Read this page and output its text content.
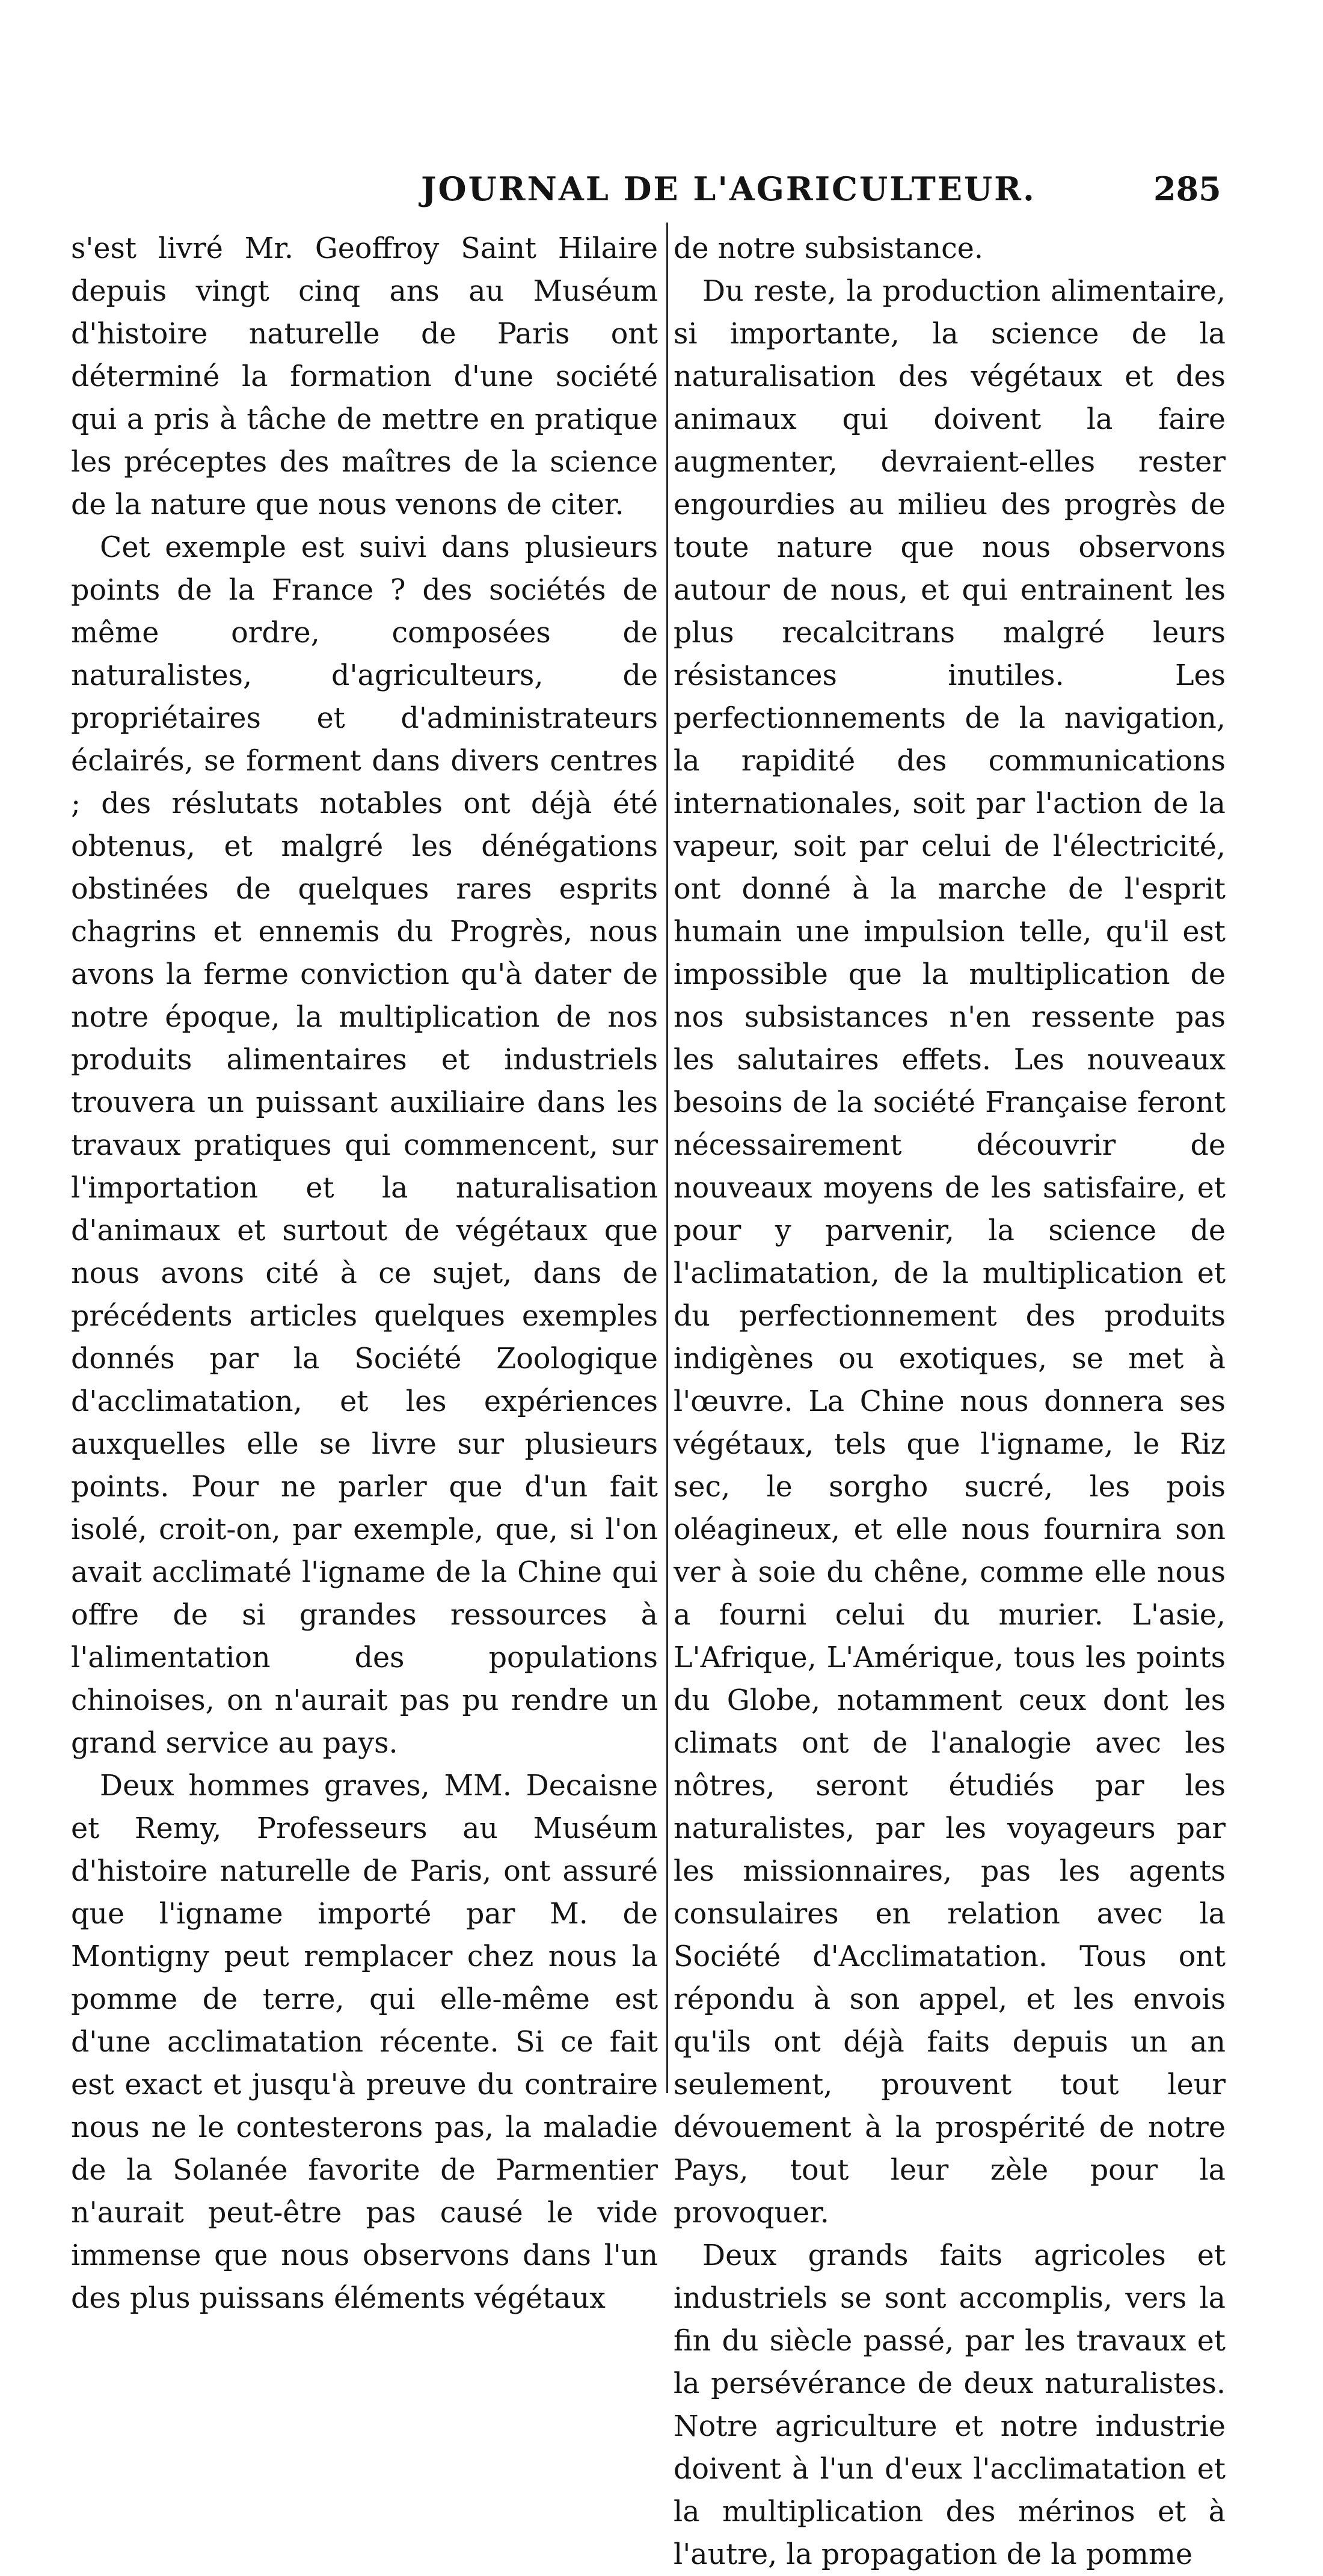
JOURNAL DE L'AGRICULTEUR.	285

s'est livré Mr. Geoffroy Saint Hilaire depuis vingt cinq ans au Muséum d'histoire naturelle de Paris ont déterminé la formation d'une société qui a pris à tâche de mettre en pratique les préceptes des maîtres de la science de la nature que nous venons de citer.

Cet exemple est suivi dans plusieurs points de la France ? des sociétés de même ordre, composées de naturalistes, d'agriculteurs, de propriétaires et d'administrateurs éclairés, se forment dans divers centres ; des réslutats notables ont déjà été obtenus, et malgré les dénégations obstinées de quelques rares esprits chagrins et ennemis du Progrès, nous avons la ferme conviction qu'à dater de notre époque, la multiplication de nos produits alimentaires et industriels trouvera un puissant auxiliaire dans les travaux pratiques qui commencent, sur l'importation et la naturalisation d'animaux et surtout de végétaux que nous avons cité à ce sujet, dans de précédents articles quelques exemples donnés par la Société Zoologique d'acclimatation, et les expériences auxquelles elle se livre sur plusieurs points. Pour ne parler que d'un fait isolé, croit-on, par exemple, que, si l'on avait acclimaté l'igname de la Chine qui offre de si grandes ressources à l'alimentation des populations chinoises, on n'aurait pas pu rendre un grand service au pays.

Deux hommes graves, MM. Decaisne et Remy, Professeurs au Muséum d'histoire naturelle de Paris, ont assuré que l'igname importé par M. de Montigny peut remplacer chez nous la pomme de terre, qui elle-même est d'une acclimatation récente. Si ce fait est exact et jusqu'à preuve du contraire nous ne le contesterons pas, la maladie de la Solanée favorite de Parmentier n'aurait peut-être pas causé le vide immense que nous observons dans l'un des plus puissans éléments végétaux

de notre subsistance.

Du reste, la production alimentaire, si importante, la science de la naturalisation des végétaux et des animaux qui doivent la faire augmenter, devraient-elles rester engourdies au milieu des progrès de toute nature que nous observons autour de nous, et qui entrainent les plus recalcitrans malgré leurs résistances inutiles. Les perfectionnements de la navigation, la rapidité des communications internationales, soit par l'action de la vapeur, soit par celui de l'électricité, ont donné à la marche de l'esprit humain une impulsion telle, qu'il est impossible que la multiplication de nos subsistances n'en ressente pas les salutaires effets. Les nouveaux besoins de la société Française feront nécessairement découvrir de nouveaux moyens de les satisfaire, et pour y parvenir, la science de l'aclimatation, de la multiplication et du perfectionnement des produits indigènes ou exotiques, se met à l'œuvre. La Chine nous donnera ses végétaux, tels que l'igname, le Riz sec, le sorgho sucré, les pois oléagineux, et elle nous fournira son ver à soie du chêne, comme elle nous a fourni celui du murier. L'asie, L'Afrique, L'Amérique, tous les points du Globe, notamment ceux dont les climats ont de l'analogie avec les nôtres, seront étudiés par les naturalistes, par les voyageurs par les missionnaires, pas les agents consulaires en relation avec la Société d'Acclimatation. Tous ont répondu à son appel, et les envois qu'ils ont déjà faits depuis un an seulement, prouvent tout leur dévouement à la prospérité de notre Pays, tout leur zèle pour la provoquer.

Deux grands faits agricoles et industriels se sont accomplis, vers la fin du siècle passé, par les travaux et la persévérance de deux naturalistes. Notre agriculture et notre industrie doivent à l'un d'eux l'acclimatation et la multiplication des mérinos et à l'autre, la propagation de la pomme
